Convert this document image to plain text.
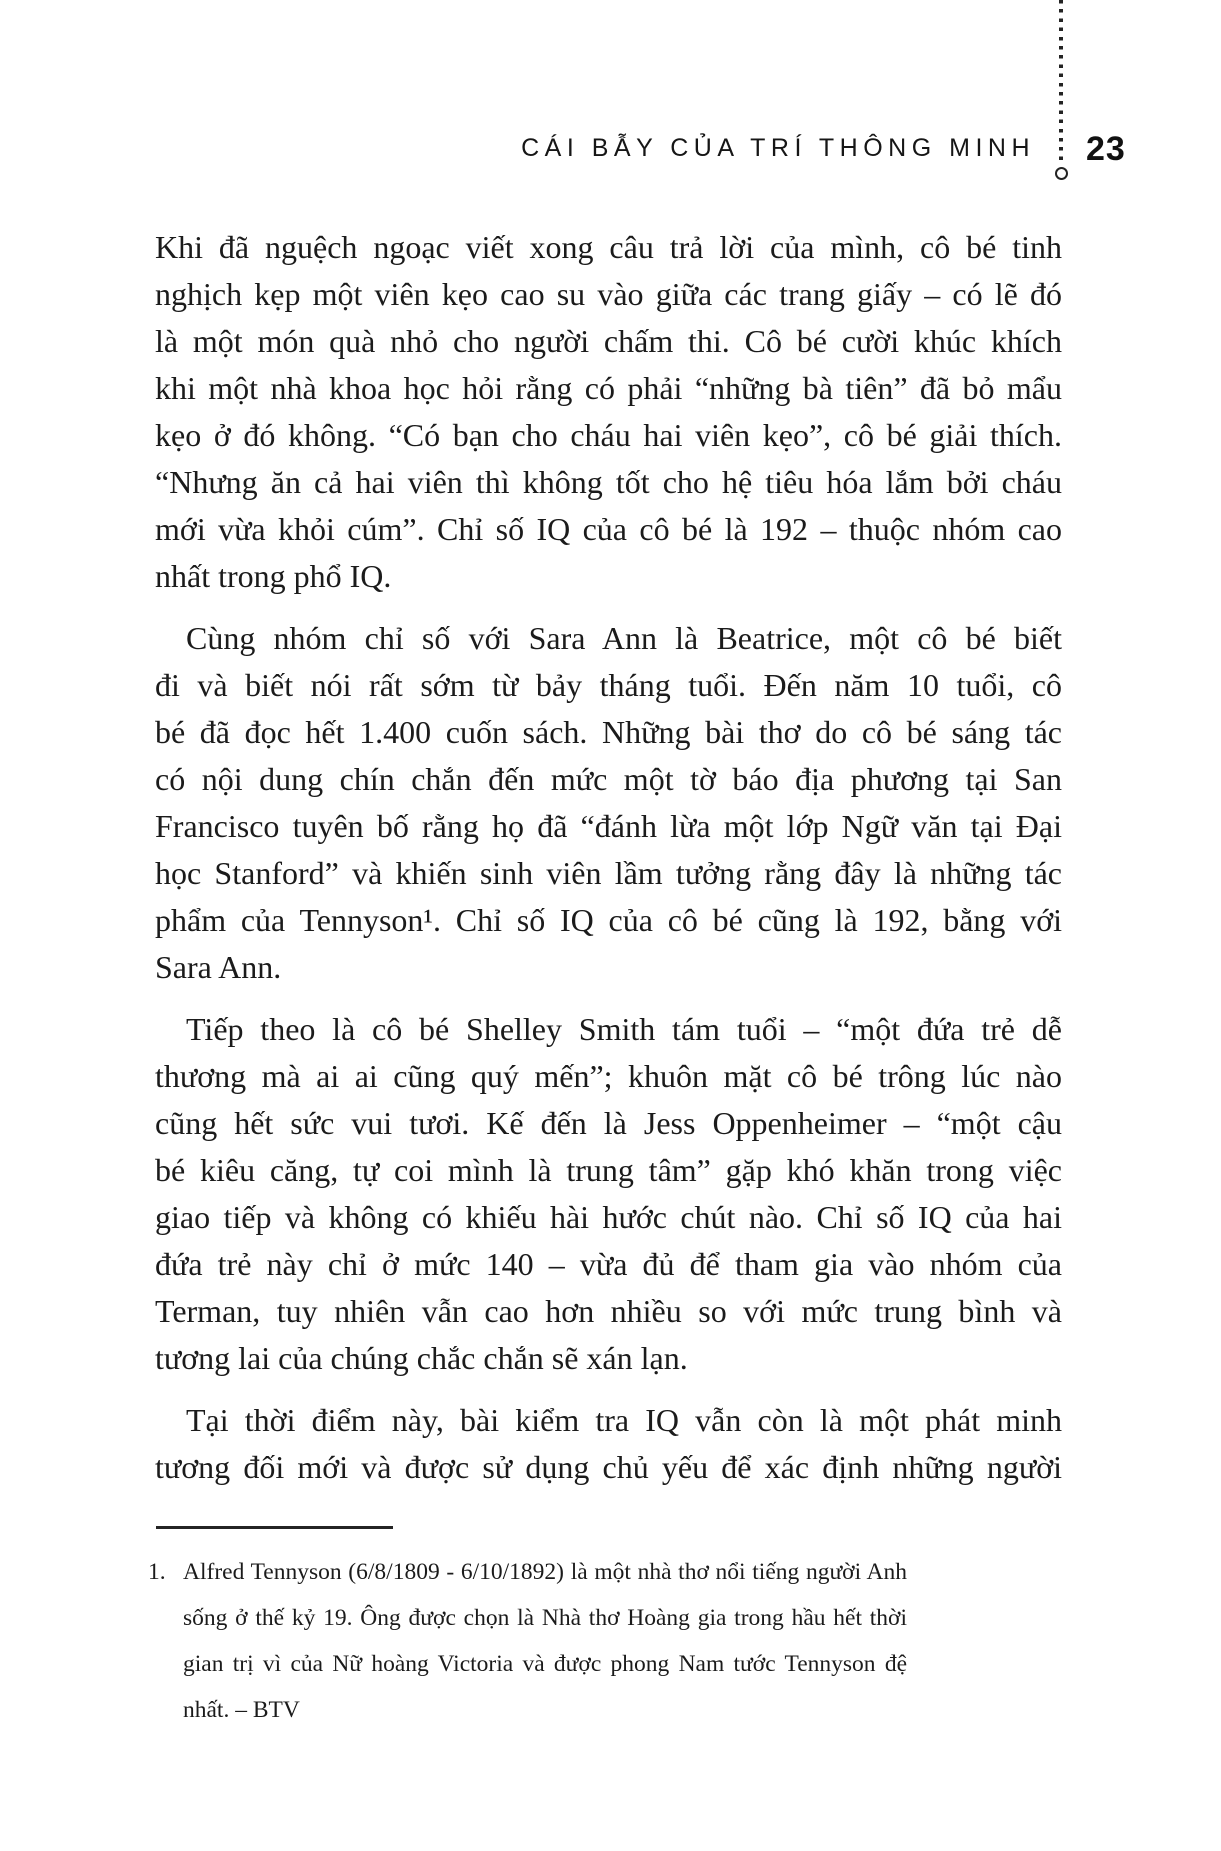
CÁI BẪY CỦA TRÍ THÔNG MINH 23
Khi đã nguệch ngoạc viết xong câu trả lời của mình, cô bé tinh
nghịch kẹp một viên kẹo cao su vào giữa các trang giấy – có lẽ đó
là một món quà nhỏ cho người chấm thi. Cô bé cười khúc khích
khi một nhà khoa học hỏi rằng có phải “những bà tiên” đã bỏ mẩu
kẹo ở đó không. “Có bạn cho cháu hai viên kẹo”, cô bé giải thích.
“Nhưng ăn cả hai viên thì không tốt cho hệ tiêu hóa lắm bởi cháu
mới vừa khỏi cúm”. Chỉ số IQ của cô bé là 192 – thuộc nhóm cao
nhất trong phổ IQ.
Cùng nhóm chỉ số với Sara Ann là Beatrice, một cô bé biết
đi và biết nói rất sớm từ bảy tháng tuổi. Đến năm 10 tuổi, cô
bé đã đọc hết 1.400 cuốn sách. Những bài thơ do cô bé sáng tác
có nội dung chín chắn đến mức một tờ báo địa phương tại San
Francisco tuyên bố rằng họ đã “đánh lừa một lớp Ngữ văn tại Đại
học Stanford” và khiến sinh viên lầm tưởng rằng đây là những tác
phẩm của Tennyson¹. Chỉ số IQ của cô bé cũng là 192, bằng với
Sara Ann.
Tiếp theo là cô bé Shelley Smith tám tuổi – “một đứa trẻ dễ
thương mà ai ai cũng quý mến”; khuôn mặt cô bé trông lúc nào
cũng hết sức vui tươi. Kế đến là Jess Oppenheimer – “một cậu
bé kiêu căng, tự coi mình là trung tâm” gặp khó khăn trong việc
giao tiếp và không có khiếu hài hước chút nào. Chỉ số IQ của hai
đứa trẻ này chỉ ở mức 140 – vừa đủ để tham gia vào nhóm của
Terman, tuy nhiên vẫn cao hơn nhiều so với mức trung bình và
tương lai của chúng chắc chắn sẽ xán lạn.
Tại thời điểm này, bài kiểm tra IQ vẫn còn là một phát minh
tương đối mới và được sử dụng chủ yếu để xác định những người
1. Alfred Tennyson (6/8/1809 - 6/10/1892) là một nhà thơ nổi tiếng người Anh
sống ở thế kỷ 19. Ông được chọn là Nhà thơ Hoàng gia trong hầu hết thời
gian trị vì của Nữ hoàng Victoria và được phong Nam tước Tennyson đệ
nhất. – BTV
